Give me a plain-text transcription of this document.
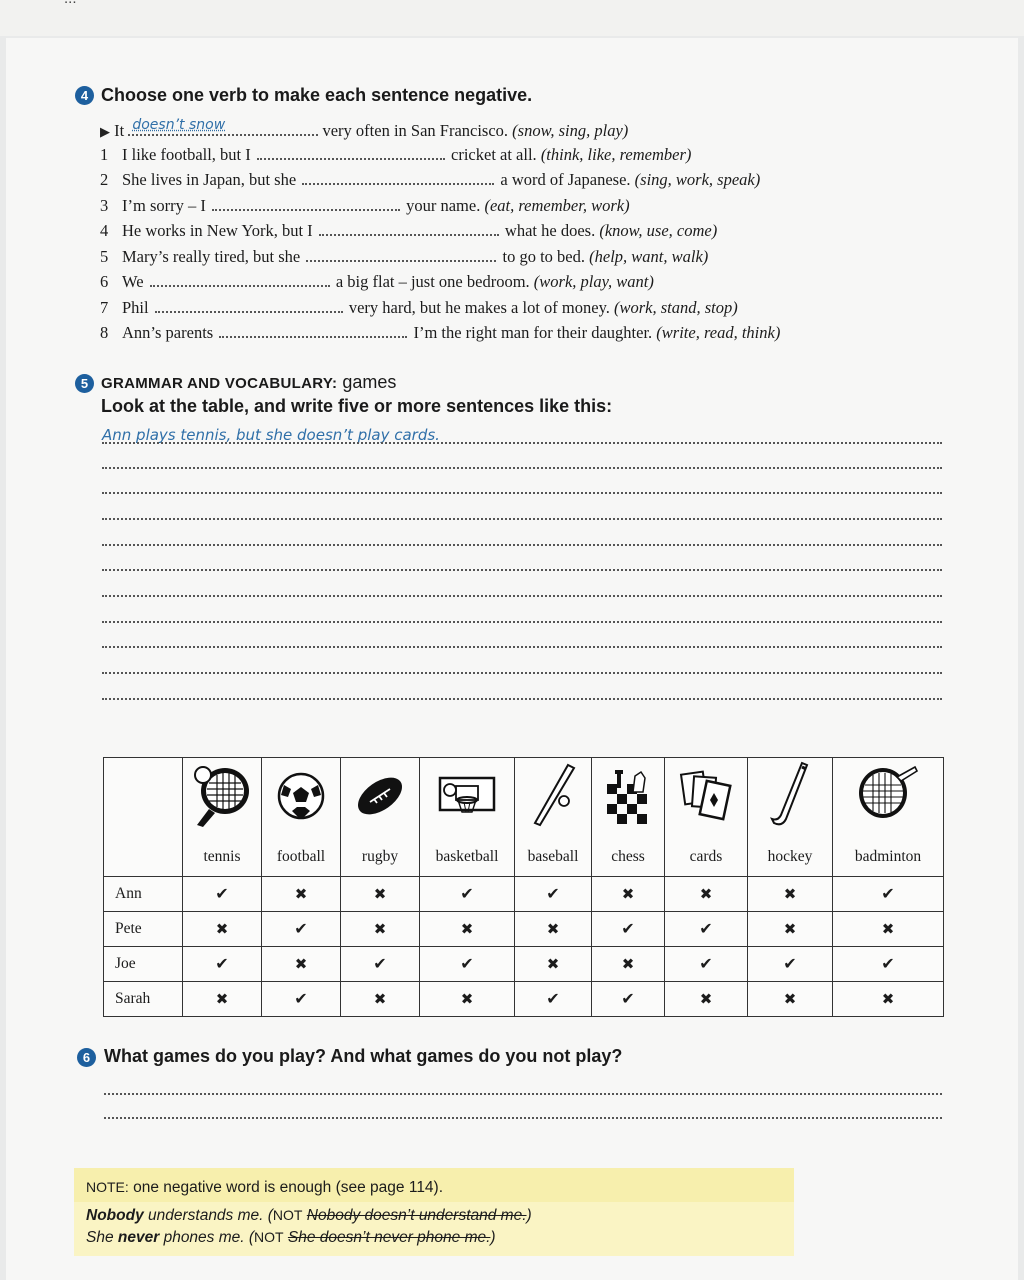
4 Choose one verb to make each sentence negative.
▶ It doesn’t snow	very often in San Francisco. (snow, sing, play)
1 I like football, but I	cricket at all. (think, like, remember)
2 She lives in Japan, but she	a word of Japanese. (sing, work, speak)
3 I’m sorry – I	your name. (eat, remember, work)
4 He works in New York, but I	what he does. (know, use, come)
5 Mary’s really tired, but she	to go to bed. (help, want, walk)
6 We	a big flat – just one bedroom. (work, play, want)
7 Phil	very hard, but he makes a lot of money. (work, stand, stop)
8 Ann’s parents	I’m the right man for their daughter. (write, read, think)
5 GRAMMAR AND VOCABULARY: games
Look at the table, and write five or more sentences like this:
Ann plays tennis, but she doesn’t play cards.

	tennis	football	rugby	basketball	baseball	chess	cards	hockey	badminton
Ann	✔	✖	✖	✔	✔	✖	✖	✖	✔
Pete	✖	✔	✖	✖	✖	✔	✔	✖	✖
Joe	✔	✖	✔	✔	✖	✖	✔	✔	✔
Sarah	✖	✔	✖	✖	✔	✔	✖	✖	✖
6 What games do you play? And what games do you not play?
NOTE: one negative word is enough (see page 114).
Nobody understands me. (NOT Nobody doesn’t understand me.)
She never phones me. (NOT She doesn’t never phone me.)
